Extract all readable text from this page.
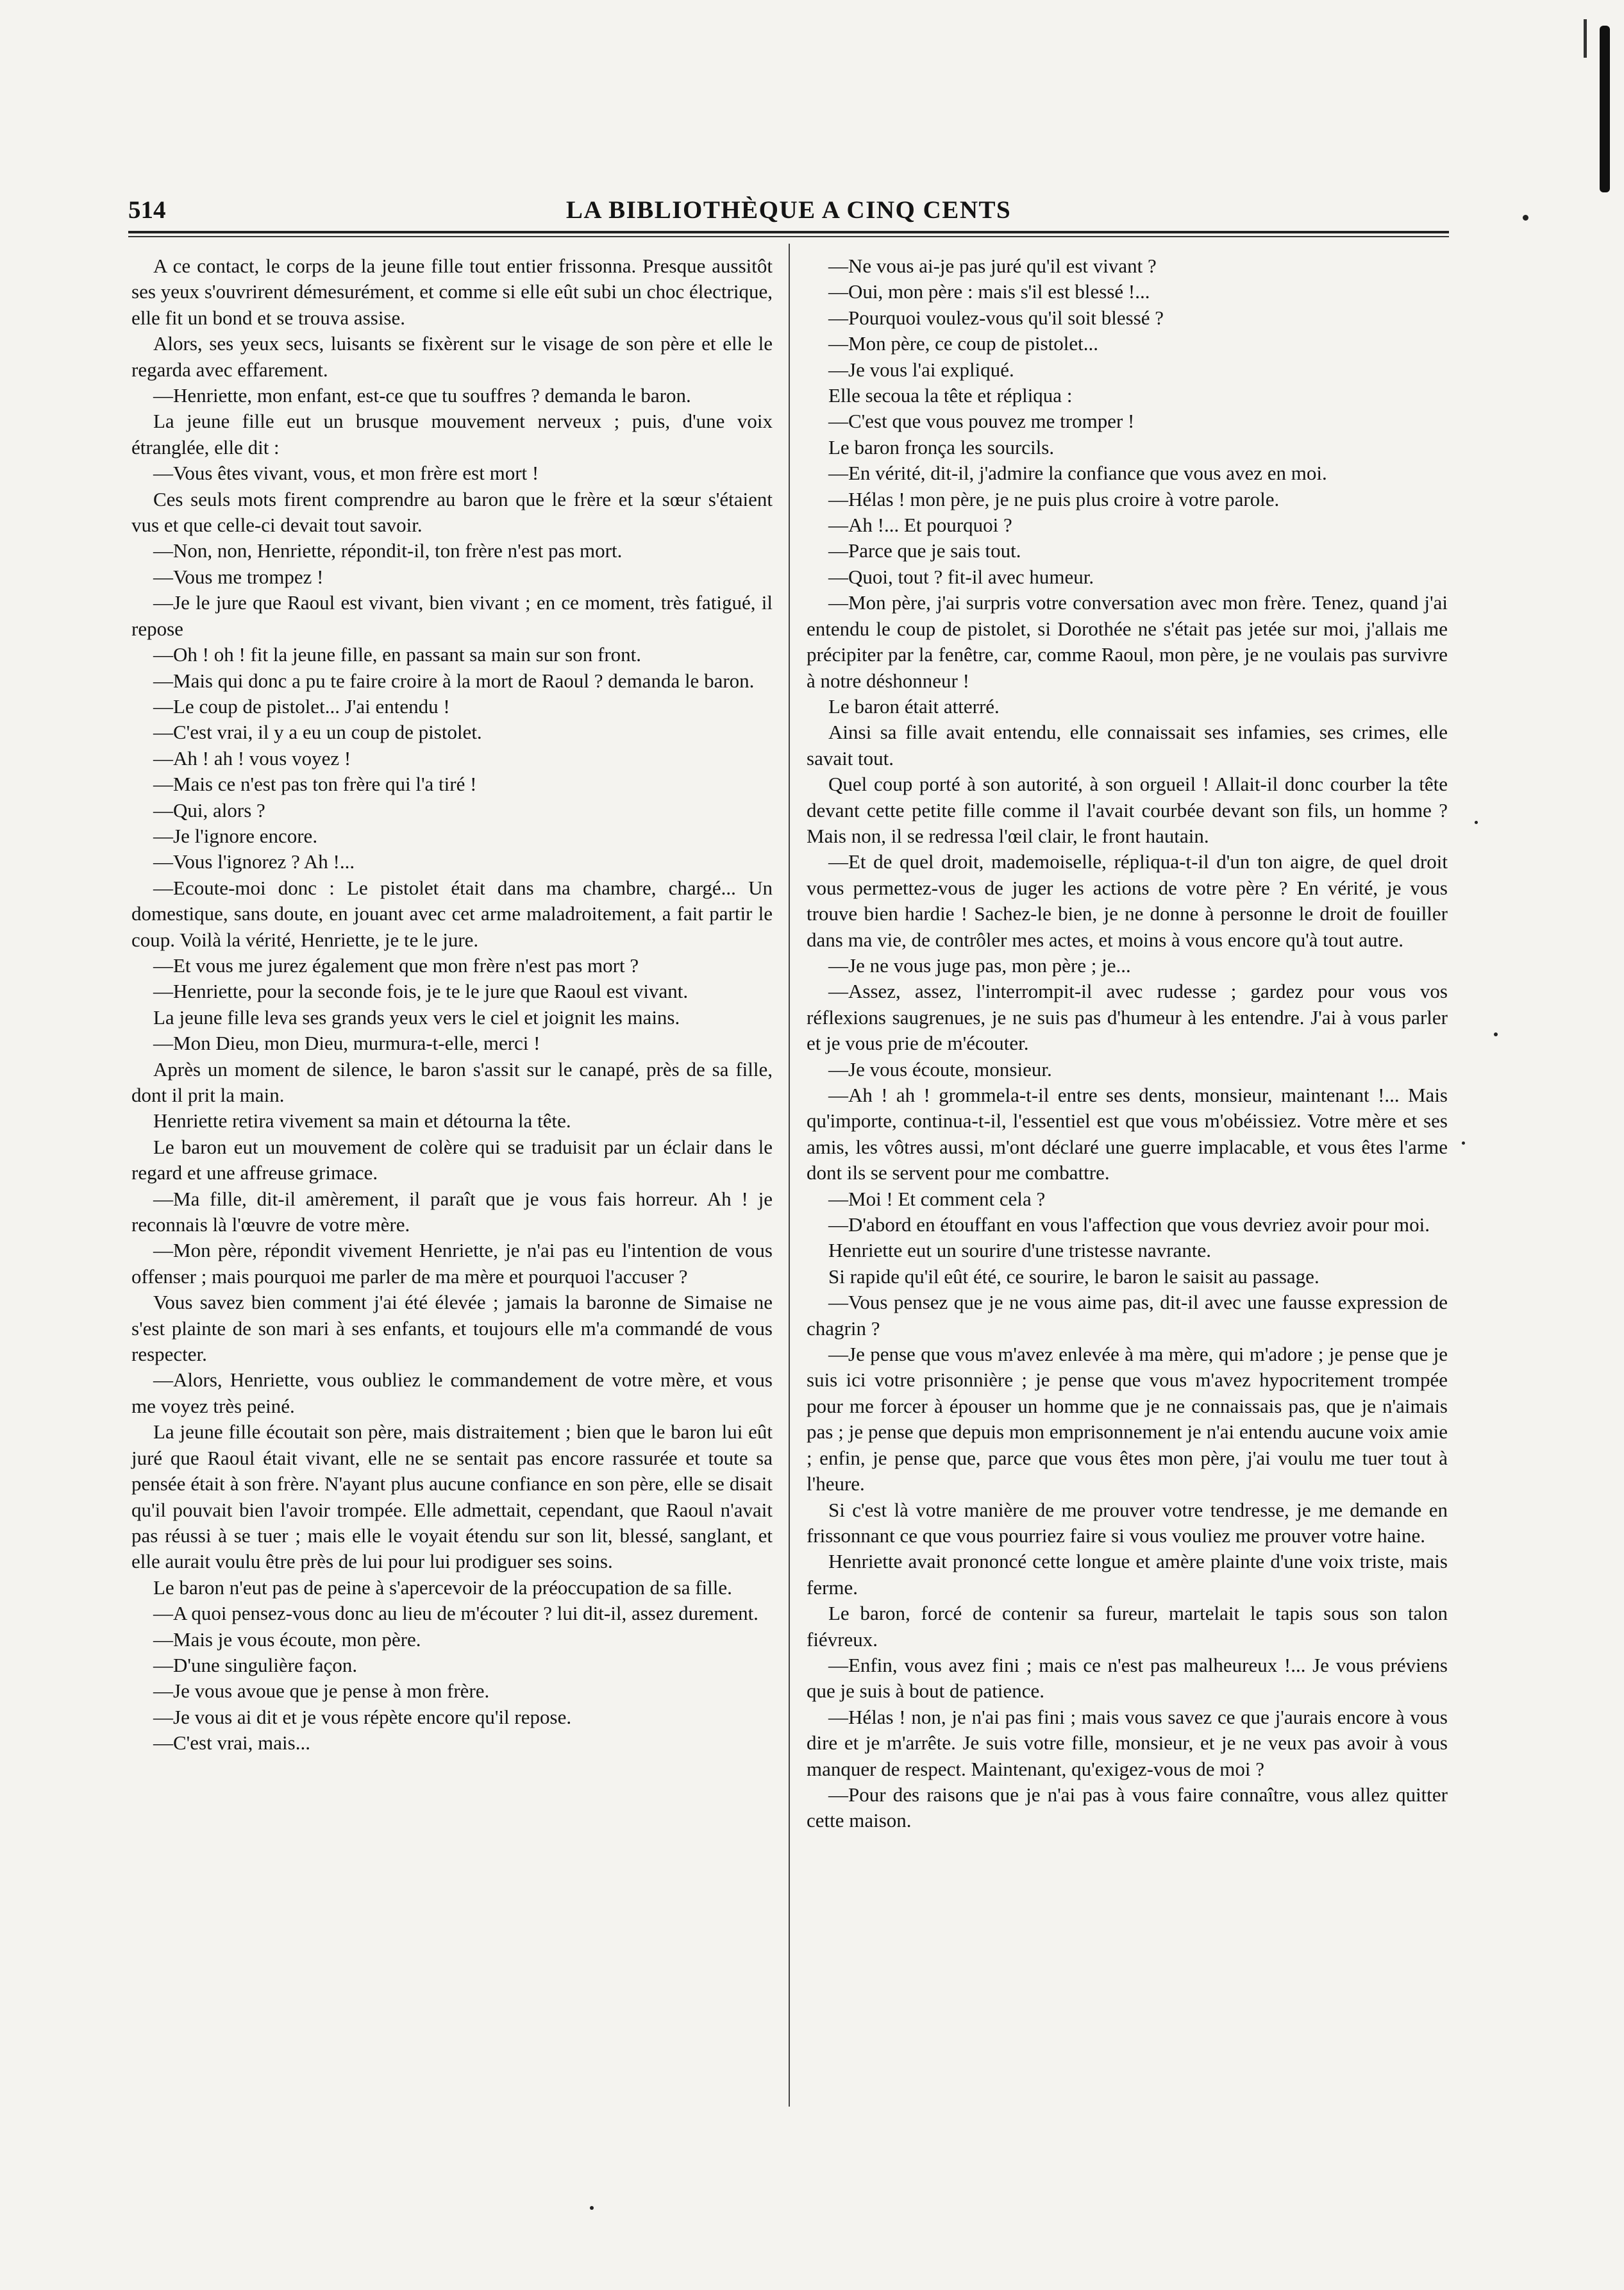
514	LA BIBLIOTHÈQUE A CINQ CENTS

A ce contact, le corps de la jeune fille tout entier frissonna. Presque aussitôt ses yeux s'ouvrirent démesurément, et comme si elle eût subi un choc électrique, elle fit un bond et se trouva assise.

Alors, ses yeux secs, luisants se fixèrent sur le visage de son père et elle le regarda avec effarement.

—Henriette, mon enfant, est-ce que tu souffres ? demanda le baron.

La jeune fille eut un brusque mouvement nerveux ; puis, d'une voix étranglée, elle dit :

—Vous êtes vivant, vous, et mon frère est mort !

Ces seuls mots firent comprendre au baron que le frère et la sœur s'étaient vus et que celle-ci devait tout savoir.

—Non, non, Henriette, répondit-il, ton frère n'est pas mort.

—Vous me trompez !

—Je le jure que Raoul est vivant, bien vivant ; en ce moment, très fatigué, il repose

—Oh ! oh ! fit la jeune fille, en passant sa main sur son front.

—Mais qui donc a pu te faire croire à la mort de Raoul ? demanda le baron.

—Le coup de pistolet... J'ai entendu !

—C'est vrai, il y a eu un coup de pistolet.

—Ah ! ah ! vous voyez !

—Mais ce n'est pas ton frère qui l'a tiré !

—Qui, alors ?

—Je l'ignore encore.

—Vous l'ignorez ? Ah !...

—Ecoute-moi donc : Le pistolet était dans ma chambre, chargé... Un domestique, sans doute, en jouant avec cet arme maladroitement, a fait partir le coup. Voilà la vérité, Henriette, je te le jure.

—Et vous me jurez également que mon frère n'est pas mort ?

—Henriette, pour la seconde fois, je te le jure que Raoul est vivant.

La jeune fille leva ses grands yeux vers le ciel et joignit les mains.

—Mon Dieu, mon Dieu, murmura-t-elle, merci !

Après un moment de silence, le baron s'assit sur le canapé, près de sa fille, dont il prit la main.

Henriette retira vivement sa main et détourna la tête.

Le baron eut un mouvement de colère qui se traduisit par un éclair dans le regard et une affreuse grimace.

—Ma fille, dit-il amèrement, il paraît que je vous fais horreur. Ah ! je reconnais là l'œuvre de votre mère.

—Mon père, répondit vivement Henriette, je n'ai pas eu l'intention de vous offenser ; mais pourquoi me parler de ma mère et pourquoi l'accuser ?

Vous savez bien comment j'ai été élevée ; jamais la baronne de Simaise ne s'est plainte de son mari à ses enfants, et toujours elle m'a commandé de vous respecter.

—Alors, Henriette, vous oubliez le commandement de votre mère, et vous me voyez très peiné.

La jeune fille écoutait son père, mais distraitement ; bien que le baron lui eût juré que Raoul était vivant, elle ne se sentait pas encore rassurée et toute sa pensée était à son frère. N'ayant plus aucune confiance en son père, elle se disait qu'il pouvait bien l'avoir trompée. Elle admettait, cependant, que Raoul n'avait pas réussi à se tuer ; mais elle le voyait étendu sur son lit, blessé, sanglant, et elle aurait voulu être près de lui pour lui prodiguer ses soins.

Le baron n'eut pas de peine à s'apercevoir de la préoccupation de sa fille.

—A quoi pensez-vous donc au lieu de m'écouter ? lui dit-il, assez durement.

—Mais je vous écoute, mon père.

—D'une singulière façon.

—Je vous avoue que je pense à mon frère.

—Je vous ai dit et je vous répète encore qu'il repose.

—C'est vrai, mais...

—Ne vous ai-je pas juré qu'il est vivant ?

—Oui, mon père : mais s'il est blessé !...

—Pourquoi voulez-vous qu'il soit blessé ?

—Mon père, ce coup de pistolet...

—Je vous l'ai expliqué.

Elle secoua la tête et répliqua :

—C'est que vous pouvez me tromper !

Le baron fronça les sourcils.

—En vérité, dit-il, j'admire la confiance que vous avez en moi.

—Hélas ! mon père, je ne puis plus croire à votre parole.

—Ah !... Et pourquoi ?

—Parce que je sais tout.

—Quoi, tout ? fit-il avec humeur.

—Mon père, j'ai surpris votre conversation avec mon frère. Tenez, quand j'ai entendu le coup de pistolet, si Dorothée ne s'était pas jetée sur moi, j'allais me précipiter par la fenêtre, car, comme Raoul, mon père, je ne voulais pas survivre à notre déshonneur !

Le baron était atterré.

Ainsi sa fille avait entendu, elle connaissait ses infamies, ses crimes, elle savait tout.

Quel coup porté à son autorité, à son orgueil ! Allait-il donc courber la tête devant cette petite fille comme il l'avait courbée devant son fils, un homme ? Mais non, il se redressa l'œil clair, le front hautain.

—Et de quel droit, mademoiselle, répliqua-t-il d'un ton aigre, de quel droit vous permettez-vous de juger les actions de votre père ? En vérité, je vous trouve bien hardie ! Sachez-le bien, je ne donne à personne le droit de fouiller dans ma vie, de contrôler mes actes, et moins à vous encore qu'à tout autre.

—Je ne vous juge pas, mon père ; je...

—Assez, assez, l'interrompit-il avec rudesse ; gardez pour vous vos réflexions saugrenues, je ne suis pas d'humeur à les entendre. J'ai à vous parler et je vous prie de m'écouter.

—Je vous écoute, monsieur.

—Ah ! ah ! grommela-t-il entre ses dents, monsieur, maintenant !... Mais qu'importe, continua-t-il, l'essentiel est que vous m'obéissiez. Votre mère et ses amis, les vôtres aussi, m'ont déclaré une guerre implacable, et vous êtes l'arme dont ils se servent pour me combattre.

—Moi ! Et comment cela ?

—D'abord en étouffant en vous l'affection que vous devriez avoir pour moi.

Henriette eut un sourire d'une tristesse navrante.

Si rapide qu'il eût été, ce sourire, le baron le saisit au passage.

—Vous pensez que je ne vous aime pas, dit-il avec une fausse expression de chagrin ?

—Je pense que vous m'avez enlevée à ma mère, qui m'adore ; je pense que je suis ici votre prisonnière ; je pense que vous m'avez hypocritement trompée pour me forcer à épouser un homme que je ne connaissais pas, que je n'aimais pas ; je pense que depuis mon emprisonnement je n'ai entendu aucune voix amie ; enfin, je pense que, parce que vous êtes mon père, j'ai voulu me tuer tout à l'heure.

Si c'est là votre manière de me prouver votre tendresse, je me demande en frissonnant ce que vous pourriez faire si vous vouliez me prouver votre haine.

Henriette avait prononcé cette longue et amère plainte d'une voix triste, mais ferme.

Le baron, forcé de contenir sa fureur, martelait le tapis sous son talon fiévreux.

—Enfin, vous avez fini ; mais ce n'est pas malheureux !... Je vous préviens que je suis à bout de patience.

—Hélas ! non, je n'ai pas fini ; mais vous savez ce que j'aurais encore à vous dire et je m'arrête. Je suis votre fille, monsieur, et je ne veux pas avoir à vous manquer de respect. Maintenant, qu'exigez-vous de moi ?

—Pour des raisons que je n'ai pas à vous faire connaître, vous allez quitter cette maison.
